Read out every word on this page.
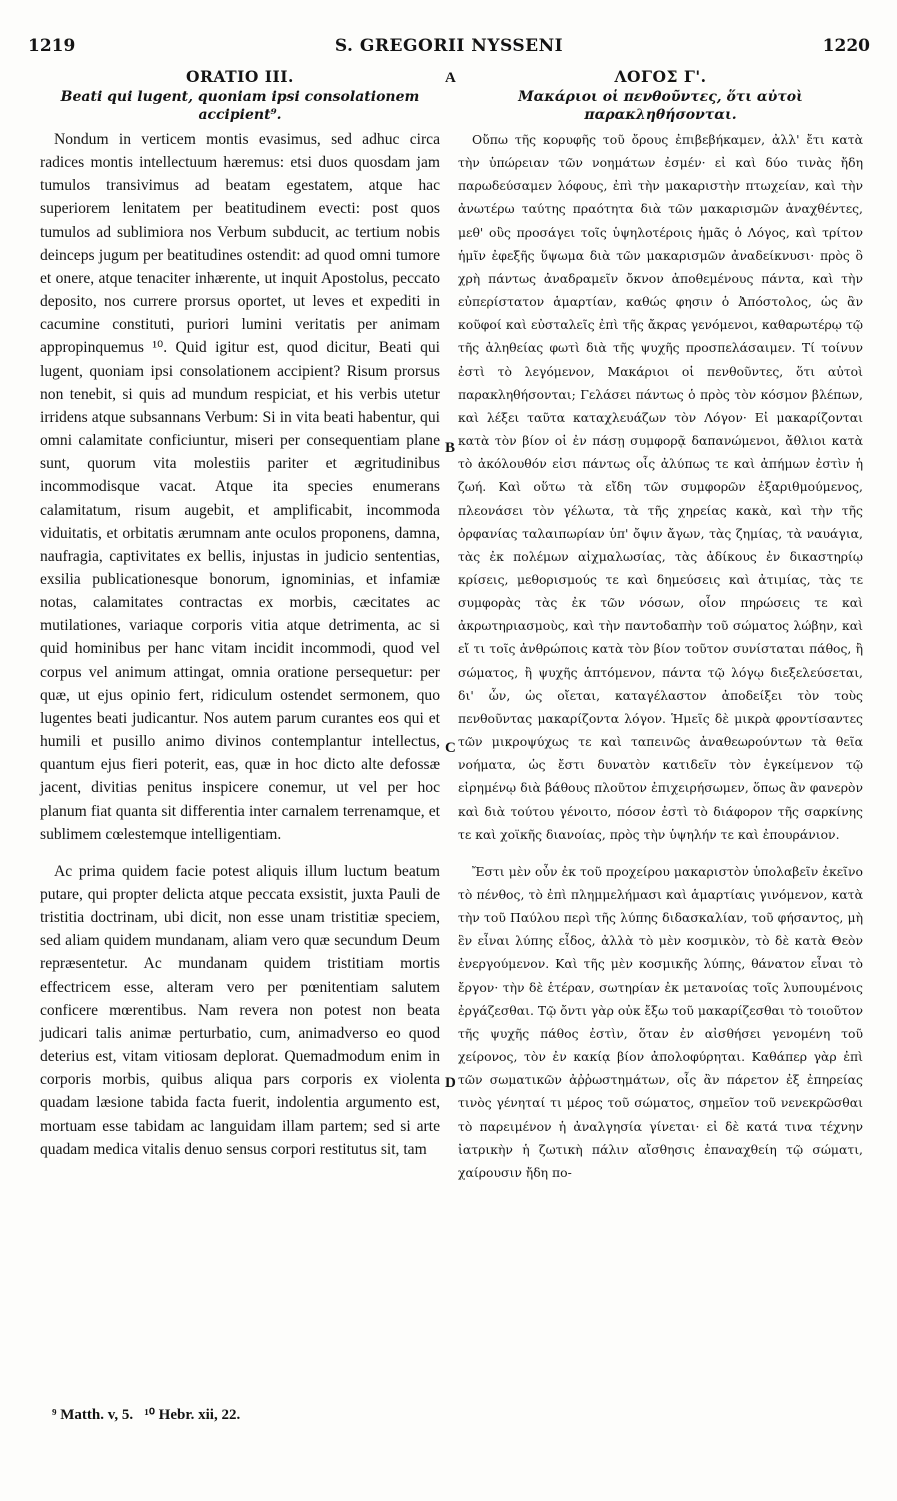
1219	S. GREGORII NYSSENI	1220

ORATIO III.

Beati qui lugent, quoniam ipsi consolationem accipient⁹.

Nondum in verticem montis evasimus, sed adhuc circa radices montis intellectuum hæremus: etsi duos quosdam jam tumulos transivimus ad beatam egestatem, atque hac superiorem lenitatem per beatitudinem evecti: post quos tumulos ad sublimiora nos Verbum subducit, ac tertium nobis deinceps jugum per beatitudines ostendit: ad quod omni tumore et onere, atque tenaciter inhærente, ut inquit Apostolus, peccato deposito, nos currere prorsus oportet, ut leves et expediti in cacumine constituti, puriori lumini veritatis per animam appropinquemus ¹⁰. Quid igitur est, quod dicitur, Beati qui lugent, quoniam ipsi consolationem accipient? Risum prorsus non tenebit, si quis ad mundum respiciat, et his verbis utetur irridens atque subsannans Verbum: Si in vita beati habentur, qui omni calamitate conficiuntur, miseri per consequentiam plane sunt, quorum vita molestiis pariter et ægritudinibus incommodisque vacat. Atque ita species enumerans calamitatum, risum augebit, et amplificabit, incommoda viduitatis, et orbitatis ærumnam ante oculos proponens, damna, naufragia, captivitates ex bellis, injustas in judicio sententias, exsilia publicationesque bonorum, ignominias, et infamiæ notas, calamitates contractas ex morbis, cæcitates ac mutilationes, variaque corporis vitia atque detrimenta, ac si quid hominibus per hanc vitam incidit incommodi, quod vel corpus vel animum attingat, omnia oratione persequetur: per quæ, ut ejus opinio fert, ridiculum ostendet sermonem, quo lugentes beati judicantur. Nos autem parum curantes eos qui et humili et pusillo animo divinos contemplantur intellectus, quantum ejus fieri poterit, eas, quæ in hoc dicto alte defossæ jacent, divitias penitus inspicere conemur, ut vel per hoc planum fiat quanta sit differentia inter carnalem terrenamque, et sublimem cœlestemque intelligentiam.

Ac prima quidem facie potest aliquis illum luctum beatum putare, qui propter delicta atque peccata exsistit, juxta Pauli de tristitia doctrinam, ubi dicit, non esse unam tristitiæ speciem, sed aliam quidem mundanam, aliam vero quæ secundum Deum repræsentetur. Ac mundanam quidem tristitiam mortis effectricem esse, alteram vero per pœnitentiam salutem conficere mœrentibus. Nam revera non potest non beata judicari talis animæ perturbatio, cum, animadverso eo quod deterius est, vitam vitiosam deplorat. Quemadmodum enim in corporis morbis, quibus aliqua pars corporis ex violenta quadam læsione tabida facta fuerit, indolentia argumento est, mortuam esse tabidam ac languidam illam partem; sed si arte quadam medica vitalis denuo sensus corpori restitutus sit, tam

ΛΟΓΟΣ Γ'.

Μακάριοι οἱ πενθοῦντες, ὅτι αὐτοὶ παρακληθήσονται.

Οὔπω τῆς κορυφῆς τοῦ ὄρους ἐπιβεβήκαμεν, ἀλλ' ἔτι κατὰ τὴν ὑπώρειαν τῶν νοημάτων ἐσμέν· εἰ καὶ δύο τινὰς ἤδη παρωδεύσαμεν λόφους, ἐπὶ τὴν μακαριστὴν πτωχείαν, καὶ τὴν ἀνωτέρω ταύτης πραότητα διὰ τῶν μακαρισμῶν ἀναχθέντες, μεθ' οὓς προσάγει τοῖς ὑψηλοτέροις ἡμᾶς ὁ Λόγος, καὶ τρίτον ἡμῖν ἐφεξῆς ὕψωμα διὰ τῶν μακαρισμῶν ἀναδείκνυσι· πρὸς ὃ χρὴ πάντως ἀναδραμεῖν ὄκνον ἀποθεμένους πάντα, καὶ τὴν εὐπερίστατον ἁμαρτίαν, καθώς φησιν ὁ Ἀπόστολος, ὡς ἂν κοῦφοί καὶ εὐσταλεῖς ἐπὶ τῆς ἄκρας γενόμενοι, καθαρωτέρῳ τῷ τῆς ἀληθείας φωτὶ διὰ τῆς ψυχῆς προσπελάσαιμεν. Τί τοίνυν ἐστὶ τὸ λεγόμενον, Μακάριοι οἱ πενθοῦντες, ὅτι αὐτοὶ παρακληθήσονται; Γελάσει πάντως ὁ πρὸς τὸν κόσμον βλέπων, καὶ λέξει ταῦτα καταχλευάζων τὸν Λόγον· Εἰ μακαρίζονται κατὰ τὸν βίον οἱ ἐν πάσῃ συμφορᾷ δαπανώμενοι, ἄθλιοι κατὰ τὸ ἀκόλουθόν εἰσι πάντως οἷς ἀλύπως τε καὶ ἀπήμων ἐστὶν ἡ ζωή. Καὶ οὕτω τὰ εἴδη τῶν συμφορῶν ἐξαριθμούμενος, πλεονάσει τὸν γέλωτα, τὰ τῆς χηρείας κακὰ, καὶ τὴν τῆς ὀρφανίας ταλαιπωρίαν ὑπ' ὄψιν ἄγων, τὰς ζημίας, τὰ ναυάγια, τὰς ἐκ πολέμων αἰχμαλωσίας, τὰς ἀδίκους ἐν δικαστηρίῳ κρίσεις, μεθορισμούς τε καὶ δημεύσεις καὶ ἀτιμίας, τὰς τε συμφορὰς τὰς ἐκ τῶν νόσων, οἷον πηρώσεις τε καὶ ἀκρωτηριασμοὺς, καὶ τὴν παντοδαπὴν τοῦ σώματος λώβην, καὶ εἴ τι τοῖς ἀνθρώποις κατὰ τὸν βίον τοῦτον συνίσταται πάθος, ἢ σώματος, ἢ ψυχῆς ἁπτόμενον, πάντα τῷ λόγῳ διεξελεύσεται, δι' ὧν, ὡς οἴεται, καταγέλαστον ἀποδείξει τὸν τοὺς πενθοῦντας μακαρίζοντα λόγον. Ἡμεῖς δὲ μικρὰ φροντίσαντες τῶν μικροψύχως τε καὶ ταπεινῶς ἀναθεωρούντων τὰ θεῖα νοήματα, ὡς ἔστι δυνατὸν κατιδεῖν τὸν ἐγκείμενον τῷ εἰρημένῳ διὰ βάθους πλοῦτον ἐπιχειρήσωμεν, ὅπως ἂν φανερὸν καὶ διὰ τούτου γένοιτο, πόσον ἐστὶ τὸ διάφορον τῆς σαρκίνης τε καὶ χοϊκῆς διανοίας, πρὸς τὴν ὑψηλήν τε καὶ ἐπουράνιον.

Ἔστι μὲν οὖν ἐκ τοῦ προχείρου μακαριστὸν ὑπολαβεῖν ἐκεῖνο τὸ πένθος, τὸ ἐπὶ πλημμελήμασι καὶ ἁμαρτίαις γινόμενον, κατὰ τὴν τοῦ Παύλου περὶ τῆς λύπης διδασκαλίαν, τοῦ φήσαντος, μὴ ἓν εἶναι λύπης εἶδος, ἀλλὰ τὸ μὲν κοσμικὸν, τὸ δὲ κατὰ Θεὸν ἐνεργούμενον. Καὶ τῆς μὲν κοσμικῆς λύπης, θάνατον εἶναι τὸ ἔργον· τὴν δὲ ἑτέραν, σωτηρίαν ἐκ μετανοίας τοῖς λυπουμένοις ἐργάζεσθαι. Τῷ ὄντι γὰρ οὐκ ἔξω τοῦ μακαρίζεσθαι τὸ τοιοῦτον τῆς ψυχῆς πάθος ἐστὶν, ὅταν ἐν αἰσθήσει γενομένη τοῦ χείρονος, τὸν ἐν κακίᾳ βίον ἀπολοφύρηται. Καθάπερ γὰρ ἐπὶ τῶν σωματικῶν ἀῤῥωστημάτων, οἷς ἂν πάρετον ἐξ ἐπηρείας τινὸς γένηταί τι μέρος τοῦ σώματος, σημεῖον τοῦ νενεκρῶσθαι τὸ παρειμένον ἡ ἀναλγησία γίνεται· εἰ δὲ κατά τινα τέχνην ἰατρικὴν ἡ ζωτικὴ πάλιν αἴσθησις ἐπαναχθείη τῷ σώματι, χαίρουσιν ἤδη πο-

A
B
C
D
⁹ Matth. v, 5.   ¹⁰ Hebr. xii, 22.
